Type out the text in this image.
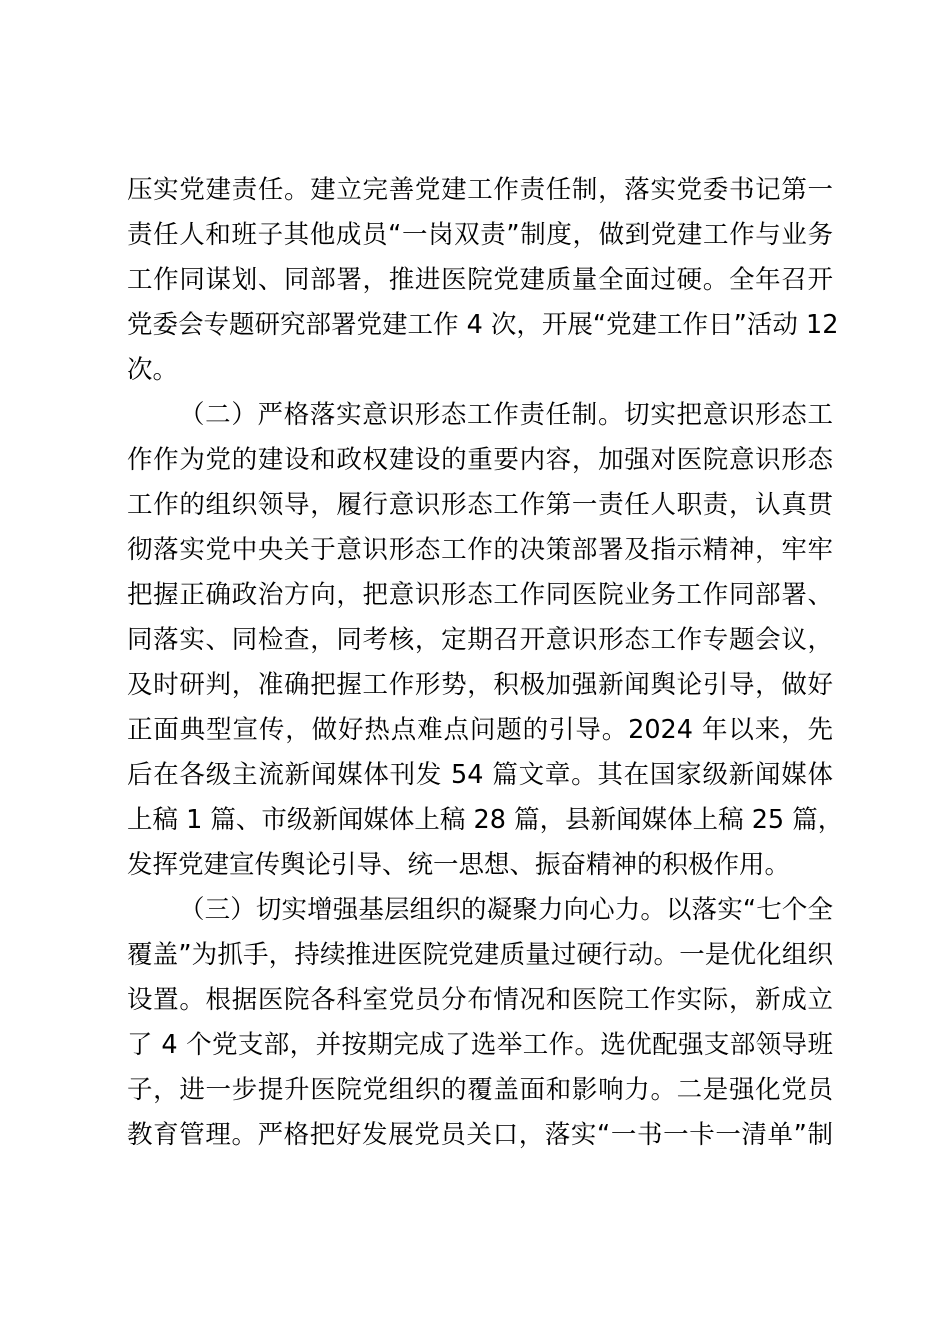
压实党建责任。建立完善党建工作责任制，落实党委书记第一
责任人和班子其他成员“一岗双责”制度，做到党建工作与业务
工作同谋划、同部署，推进医院党建质量全面过硬。全年召开
党委会专题研究部署党建工作 4 次，开展“党建工作日”活动 12
次。
（二）严格落实意识形态工作责任制。切实把意识形态工
作作为党的建设和政权建设的重要内容，加强对医院意识形态
工作的组织领导，履行意识形态工作第一责任人职责，认真贯
彻落实党中央关于意识形态工作的决策部署及指示精神，牢牢
把握正确政治方向，把意识形态工作同医院业务工作同部署、
同落实、同检查，同考核，定期召开意识形态工作专题会议，
及时研判，准确把握工作形势，积极加强新闻舆论引导，做好
正面典型宣传，做好热点难点问题的引导。2024 年以来，先
后在各级主流新闻媒体刊发 54 篇文章。其在国家级新闻媒体
上稿 1 篇、市级新闻媒体上稿 28 篇，县新闻媒体上稿 25 篇，
发挥党建宣传舆论引导、统一思想、振奋精神的积极作用。
（三）切实增强基层组织的凝聚力向心力。以落实“七个全
覆盖”为抓手，持续推进医院党建质量过硬行动。一是优化组织
设置。根据医院各科室党员分布情况和医院工作实际，新成立
了 4 个党支部，并按期完成了选举工作。选优配强支部领导班
子，进一步提升医院党组织的覆盖面和影响力。二是强化党员
教育管理。严格把好发展党员关口，落实“一书一卡一清单”制
